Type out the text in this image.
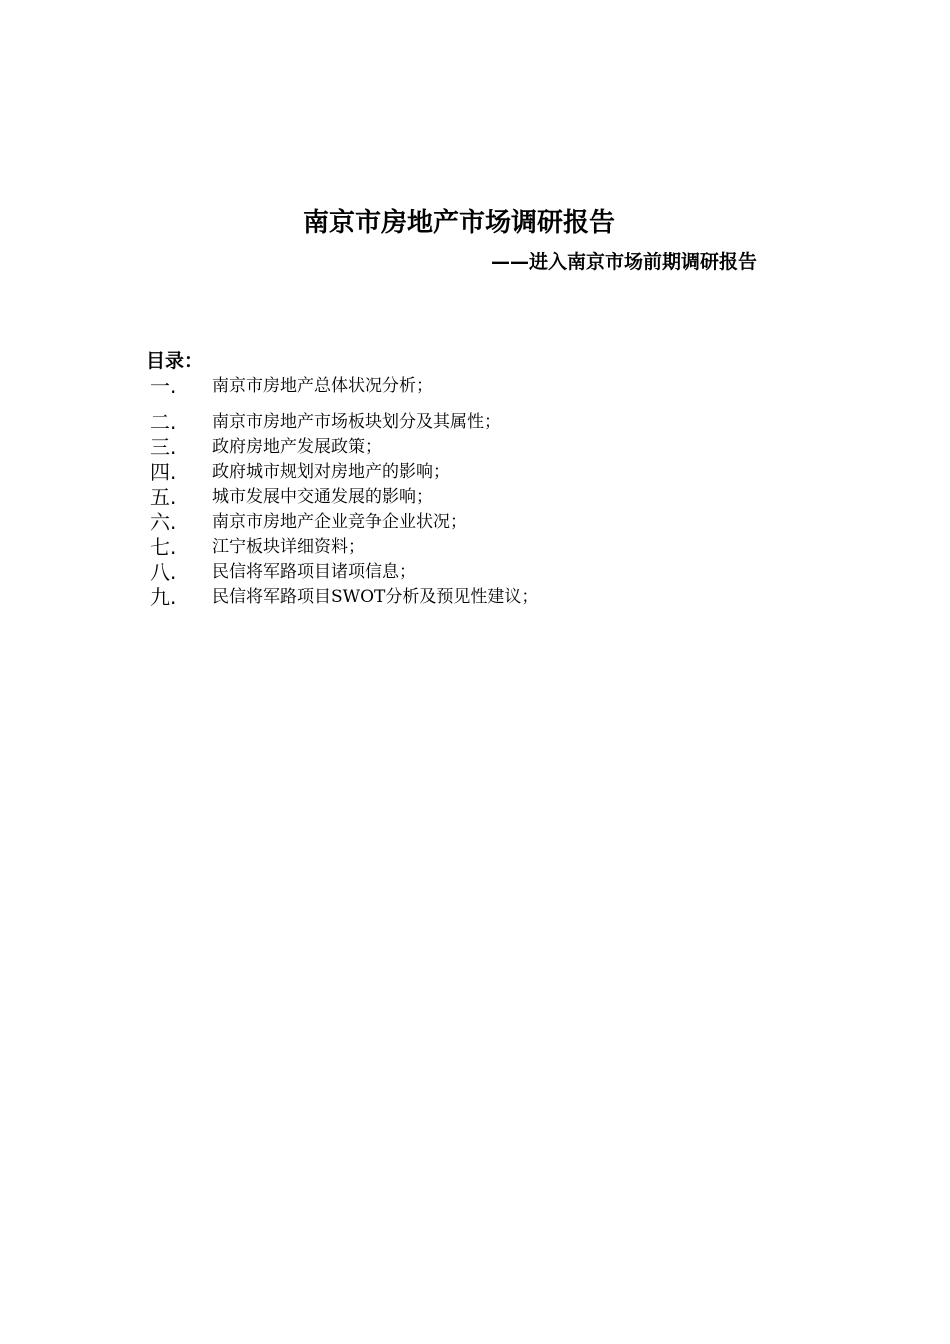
南京市房地产市场调研报告
——进入南京市场前期调研报告
目录：
一. 南京市房地产总体状况分析；
二. 南京市房地产市场板块划分及其属性；
三. 政府房地产发展政策；
四. 政府城市规划对房地产的影响；
五. 城市发展中交通发展的影响；
六. 南京市房地产企业竞争企业状况；
七. 江宁板块详细资料；
八. 民信将军路项目诸项信息；
九. 民信将军路项目SWOT分析及预见性建议；
